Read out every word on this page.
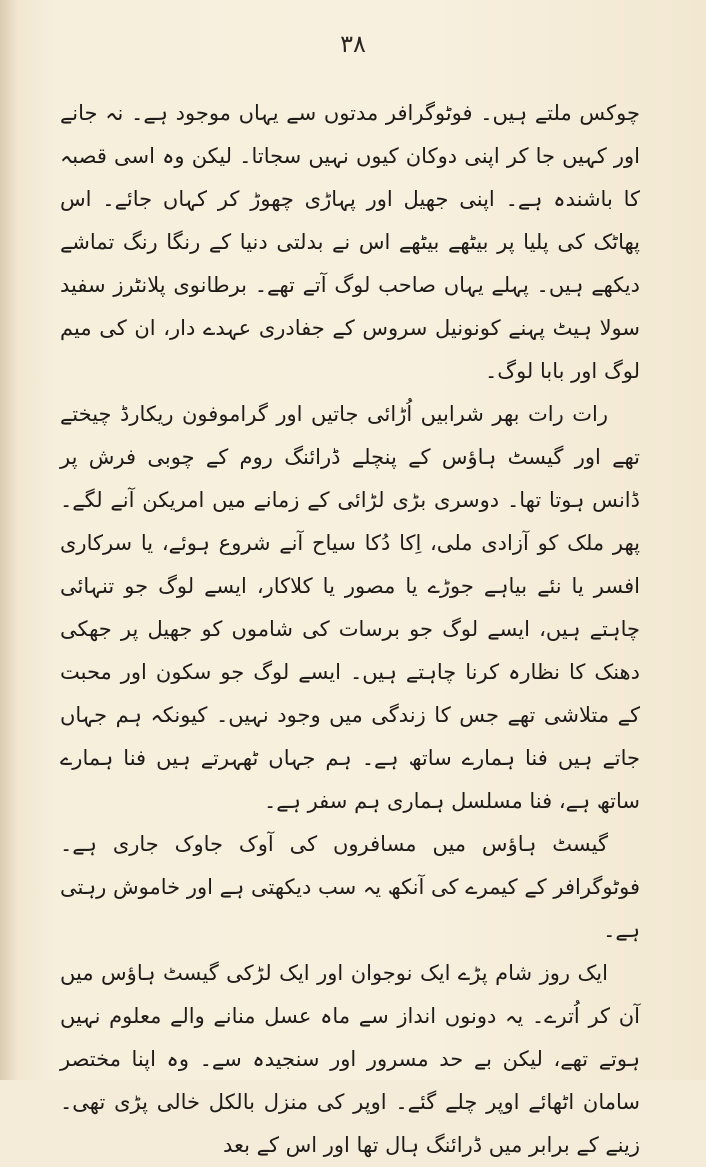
۳۸

چوکس ملتے ہیں۔ فوٹوگرافر مدتوں سے یہاں موجود ہے۔ نہ جانے اور کہیں جا کر اپنی دوکان کیوں نہیں سجاتا۔ لیکن وہ اسی قصبہ کا باشندہ ہے۔ اپنی جھیل اور پہاڑی چھوڑ کر کہاں جائے۔ اس پھاٹک کی پلیا پر بیٹھے بیٹھے اس نے بدلتی دنیا کے رنگا رنگ تماشے دیکھے ہیں۔ پہلے یہاں صاحب لوگ آتے تھے۔ برطانوی پلانٹرز سفید سولا ہیٹ پہنے کونونیل سروس کے جفادری عہدے دار، ان کی میم لوگ اور بابا لوگ۔

رات رات بھر شرابیں اُڑائی جاتیں اور گراموفون ریکارڈ چیختے تھے اور گیسٹ ہاؤس کے پنچلے ڈرائنگ روم کے چوبی فرش پر ڈانس ہوتا تھا۔ دوسری بڑی لڑائی کے زمانے میں امریکن آنے لگے۔ پھر ملک کو آزادی ملی، اِکا دُکا سیاح آنے شروع ہوئے، یا سرکاری افسر یا نئے بیاہے جوڑے یا مصور یا کلاکار، ایسے لوگ جو تنہائی چاہتے ہیں، ایسے لوگ جو برسات کی شاموں کو جھیل پر جھکی دھنک کا نظارہ کرنا چاہتے ہیں۔ ایسے لوگ جو سکون اور محبت کے متلاشی تھے جس کا زندگی میں وجود نہیں۔ کیونکہ ہم جہاں جاتے ہیں فنا ہمارے ساتھ ہے۔ ہم جہاں ٹھہرتے ہیں فنا ہمارے ساتھ ہے، فنا مسلسل ہماری ہم سفر ہے۔

گیسٹ ہاؤس میں مسافروں کی آوک جاوک جاری ہے۔ فوٹوگرافر کے کیمرے کی آنکھ یہ سب دیکھتی ہے اور خاموش رہتی ہے۔

ایک روز شام پڑے ایک نوجوان اور ایک لڑکی گیسٹ ہاؤس میں آن کر اُترے۔ یہ دونوں انداز سے ماہ عسل منانے والے معلوم نہیں ہوتے تھے، لیکن بے حد مسرور اور سنجیدہ سے۔ وہ اپنا مختصر سامان اٹھائے اوپر چلے گئے۔ اوپر کی منزل بالکل خالی پڑی تھی۔ زینے کے برابر میں ڈرائنگ ہال تھا اور اس کے بعد
